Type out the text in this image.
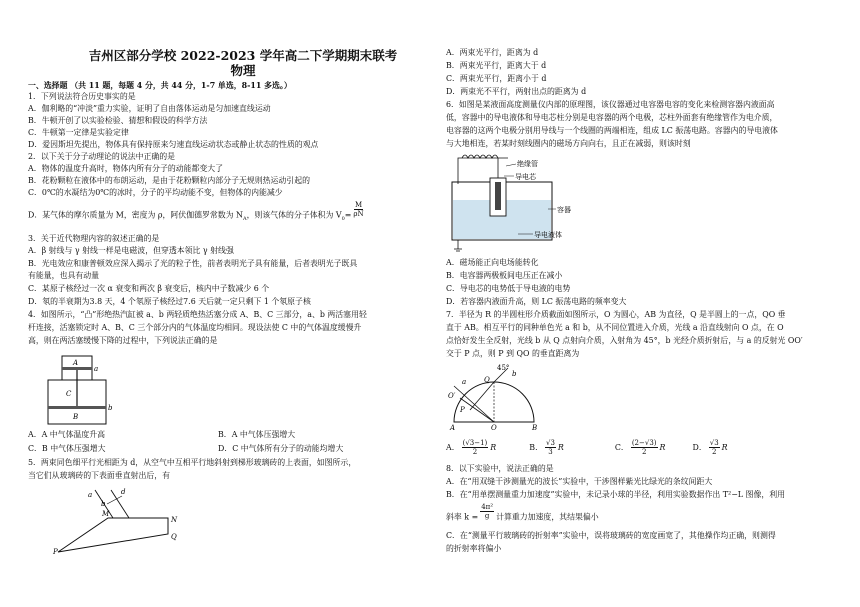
吉州区部分学校 2022-2023 学年高二下学期期末联考
物理
一、选择题 （共 11 题，每题 4 分，共 44 分，1-7 单选，8-11 多选。）
1．下列说法符合历史事实的是
A．伽利略的“冲淡”重力实验，证明了自由落体运动是匀加速直线运动
B．牛顿开创了以实验检验、猜想和假设的科学方法
C．牛顿第一定律是实验定律
D．爱因斯坦先提出，物体具有保持原来匀速直线运动状态或静止状态的性质的观点
2．以下关于分子动理论的说法中正确的是
A．物体的温度升高时，物体内所有分子的动能都变大了
B．花粉颗粒在液体中的布朗运动，是由于花粉颗粒内部分子无规则热运动引起的
C．0℃的水凝结为0℃的冰时，分子的平均动能不变，但物体的内能减少
D．某气体的摩尔质量为 M，密度为 ρ，阿伏伽德罗常数为 $N_A$，则该气体的分子体积为 $V_0= \frac{M}{\rho N}$
3．关于近代物理内容的叙述正确的是
A．β 射线与 γ 射线一样是电磁波，但穿透本领比 γ 射线强
B．光电效应和康普顿效应深入揭示了光的粒子性，前者表明光子具有能量，后者表明光子既具
有能量，也具有动量
C．某原子核经过一次 α 衰变和两次 β 衰变后，核内中子数减少 6 个
D．氡的半衰期为3.8 天，4 个氡原子核经过7.6 天后就一定只剩下 1 个氡原子核
4．如图所示，“凸”形绝热汽缸被 a、b 两轻质绝热活塞分成 A、B、C 三部分，a、b 两活塞用轻
杆连接，活塞锁定时 A、B、C 三个部分内的气体温度均相同。现设法使 C 中的气体温度缓慢升
高，则在两活塞缓慢下降的过程中，下列说法正确的是
A
a
C
b
B
A．A 中气体温度升高	B．A 中气体压强增大
C．B 中气体压强增大	D．C 中气体所有分子的动能均增大
5．两束同色细平行光相距为 d，从空气中互相平行地斜射到梯形玻璃砖的上表面，如图所示，
当它们从玻璃砖的下表面垂直射出后，有
a
b
d
M
N
P
Q
A．两束光平行，距离为 d
B．两束光平行，距离大于 d
C．两束光平行，距离小于 d
D．两束光不平行，两射出点的距离为 d
6．如图是某液面高度测量仪内部的原理图，该仪器通过电容器电容的变化来检测容器内液面高
低，容器中的导电液体和导电芯柱分别是电容器的两个电极，芯柱外面套有绝缘管作为电介质，
电容器的这两个电极分别用导线与一个线圈的两端相连，组成 LC 振荡电路。容器内的导电液体
与大地相连，若某时刻线圈内的磁场方向向右，且正在减弱，则该时刻
绝缘管
导电芯
容器
导电液体
A．磁场能正向电场能转化
B．电容器两极板间电压正在减小
C．导电芯的电势低于导电液的电势
D．若容器内液面升高，则 LC 振荡电路的频率变大
7．半径为 R 的半圆柱形介质截面如图所示，O 为圆心，AB 为直径，Q 是半圆上的一点，QO 垂
直于 AB。相互平行的同种单色光 a 和 b，从不同位置进入介质，光线 a 沿直线射向 O 点，在 O
点恰好发生全反射，光线 b 从 Q 点射向介质，入射角为 45°，b 光经介质折射后，与 a 的反射光 OO′
交于 P 点，则 P 到 QO 的垂直距离为
45°
b
a	Q
O′
P
A	O	B
A． $\frac{(√3-1)}{2}$ R	B． $\frac{√3}{3}$ R	C． $\frac{(2-√3)}{2}$ R	D． $\frac{√3}{2}$ R
8．以下实验中，说法正确的是
A．在“用双缝干涉测量光的波长”实验中，干涉图样紫光比绿光的条纹间距大
B．在“用单摆测量重力加速度”实验中，未记录小球的半径，利用实验数据作出 T²−L 图像，利用
斜率 $k = \frac{\text{4π²}}{g}$ 计算重力加速度，其结果偏小
C．在“测量平行玻璃砖的折射率”实验中，误将玻璃砖的宽度画宽了，其他操作均正确，则测得
的折射率将偏小
